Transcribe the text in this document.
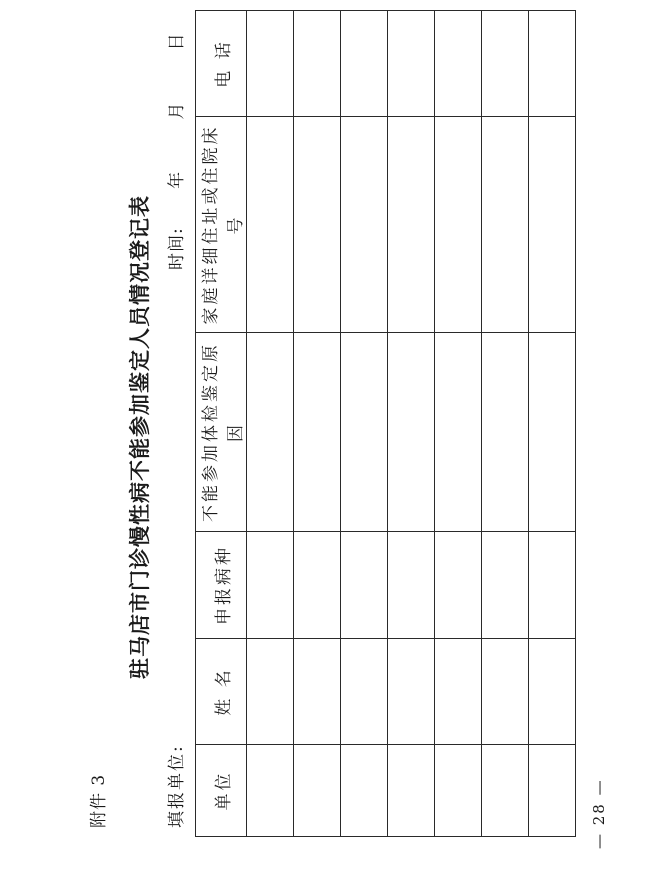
附件 3
驻马店市门诊慢性病不能参加鉴定人员情况登记表
填报单位:
时间:      年        月        日
单位	姓 名	申报病种	不能参加体检鉴定原因	家庭详细住址或住院床号	电 话

— 28 —
